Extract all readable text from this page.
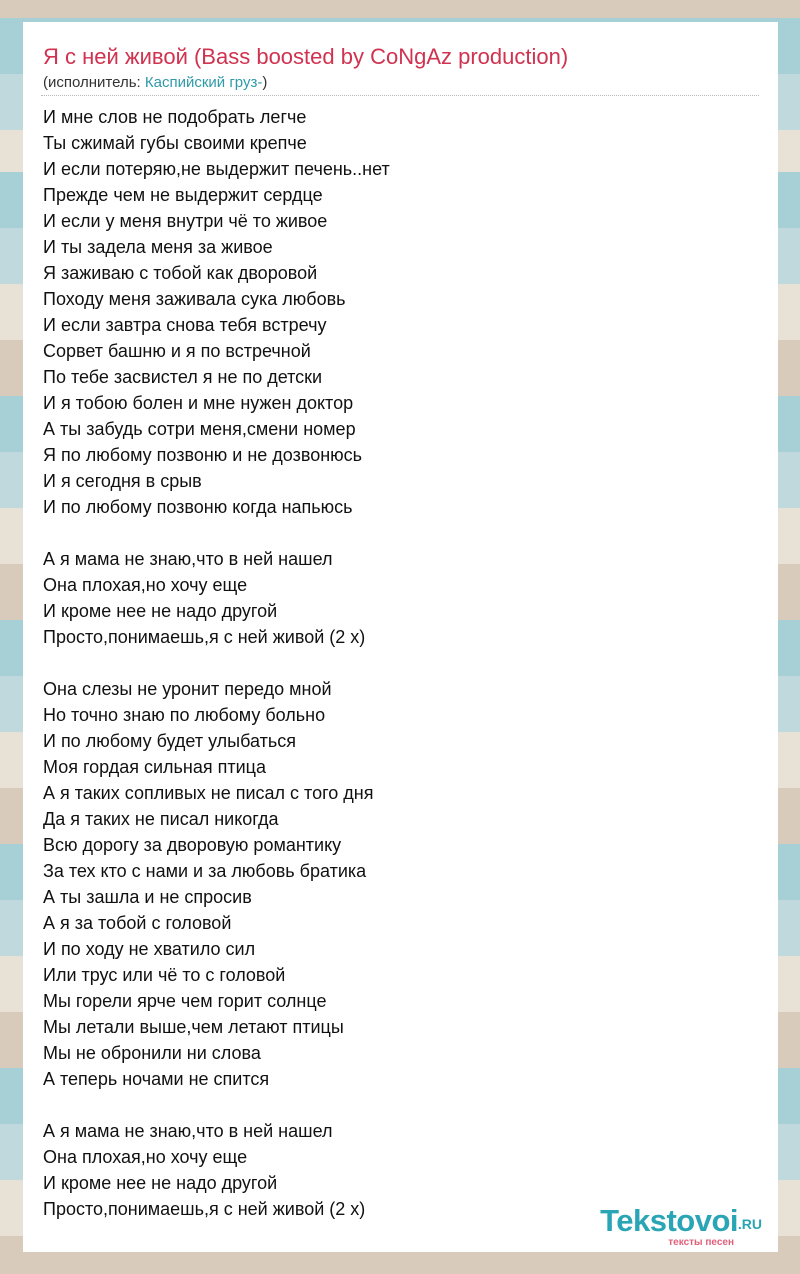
Я с ней живой (Bass boosted by CoNgAz production)
(исполнитель: Каспийский груз-)
И мне слов не подобрать легче
Ты сжимай губы своими крепче
И если потеряю,не выдержит печень..нет
Прежде чем не выдержит сердце
И если у меня внутри чё то живое
И ты задела меня за живое
Я заживаю с тобой как дворовой
Походу меня заживала сука любовь
И если завтра снова тебя встречу
Сорвет башню и я по встречной
По тебе засвистел я не по детски
И я тобою болен и мне нужен доктор
А ты забудь сотри меня,смени номер
Я по любому позвоню и не дозвонюсь
И я сегодня в срыв
И по любому позвоню когда напьюсь
А я мама не знаю,что в ней нашел
Она плохая,но хочу еще
И кроме нее не надо другой
Просто,понимаешь,я с ней живой (2 x)
Она слезы не уронит передо мной
Но точно знаю по любому больно
И по любому будет улыбаться
Моя гордая сильная птица
А я таких сопливых не писал с того дня
Да я таких не писал никогда
Всю дорогу за дворовую романтику
За тех кто с нами и за любовь братика
А ты зашла и не спросив
А я за тобой с головой
И по ходу не хватило сил
Или трус или чё то с головой
Мы горели ярче чем горит солнце
Мы летали выше,чем летают птицы
Мы не обронили ни слова
А теперь ночами не спится
А я мама не знаю,что в ней нашел
Она плохая,но хочу еще
И кроме нее не надо другой
Просто,понимаешь,я с ней живой (2 x)	Tekstovoi .RU
тексты песен
